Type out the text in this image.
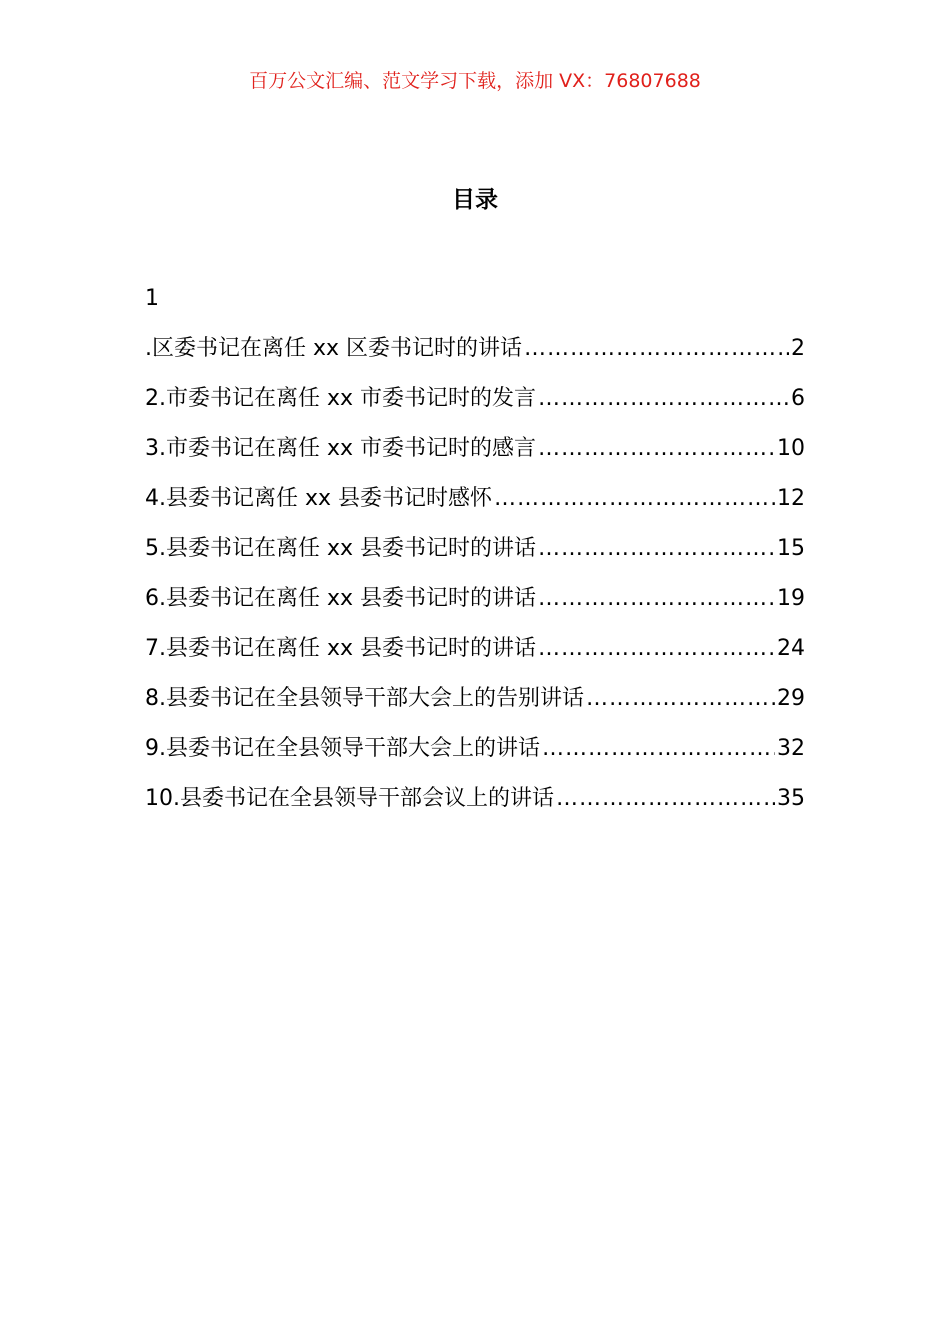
百万公文汇编、范文学习下载，添加 VX：76807688
目录
1
.区委书记在离任 xx 区委书记时的讲话 ………………………………………………………………………………………………………………………………	2
2.市委书记在离任 xx 市委书记时的发言 ………………………………………………………………………………………………………………………………	6
3.市委书记在离任 xx 市委书记时的感言 ………………………………………………………………………………………………………………………………	10
4.县委书记离任 xx 县委书记时感怀 ………………………………………………………………………………………………………………………………	12
5.县委书记在离任 xx 县委书记时的讲话 ………………………………………………………………………………………………………………………………	15
6.县委书记在离任 xx 县委书记时的讲话 ………………………………………………………………………………………………………………………………	19
7.县委书记在离任 xx 县委书记时的讲话 ………………………………………………………………………………………………………………………………	24
8.县委书记在全县领导干部大会上的告别讲话 ………………………………………………………………………………………………………………………………	29
9.县委书记在全县领导干部大会上的讲话 ………………………………………………………………………………………………………………………………	32
10.县委书记在全县领导干部会议上的讲话 ………………………………………………………………………………………………………………………………	35
